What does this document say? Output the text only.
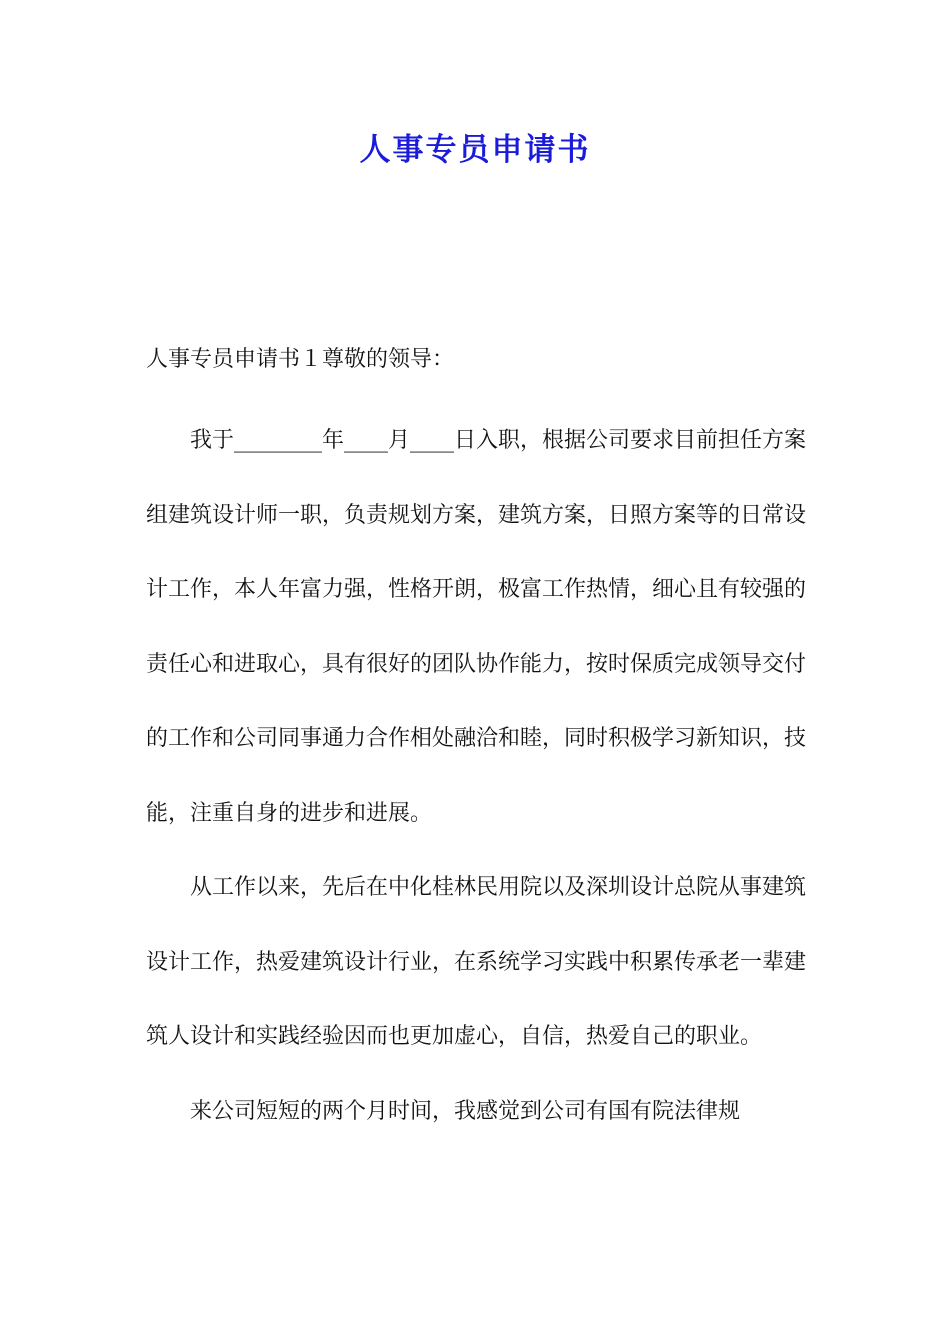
人事专员申请书

人事专员申请书１尊敬的领导：

我于________年____月____日入职，根据公司要求目前担任方案组建筑设计师一职，负责规划方案，建筑方案，日照方案等的日常设计工作，本人年富力强，性格开朗，极富工作热情，细心且有较强的责任心和进取心，具有很好的团队协作能力，按时保质完成领导交付的工作和公司同事通力合作相处融洽和睦，同时积极学习新知识，技能，注重自身的进步和进展。

从工作以来，先后在中化桂林民用院以及深圳设计总院从事建筑设计工作，热爱建筑设计行业，在系统学习实践中积累传承老一辈建筑人设计和实践经验因而也更加虚心，自信，热爱自己的职业。

来公司短短的两个月时间，我感觉到公司有国有院法律规
